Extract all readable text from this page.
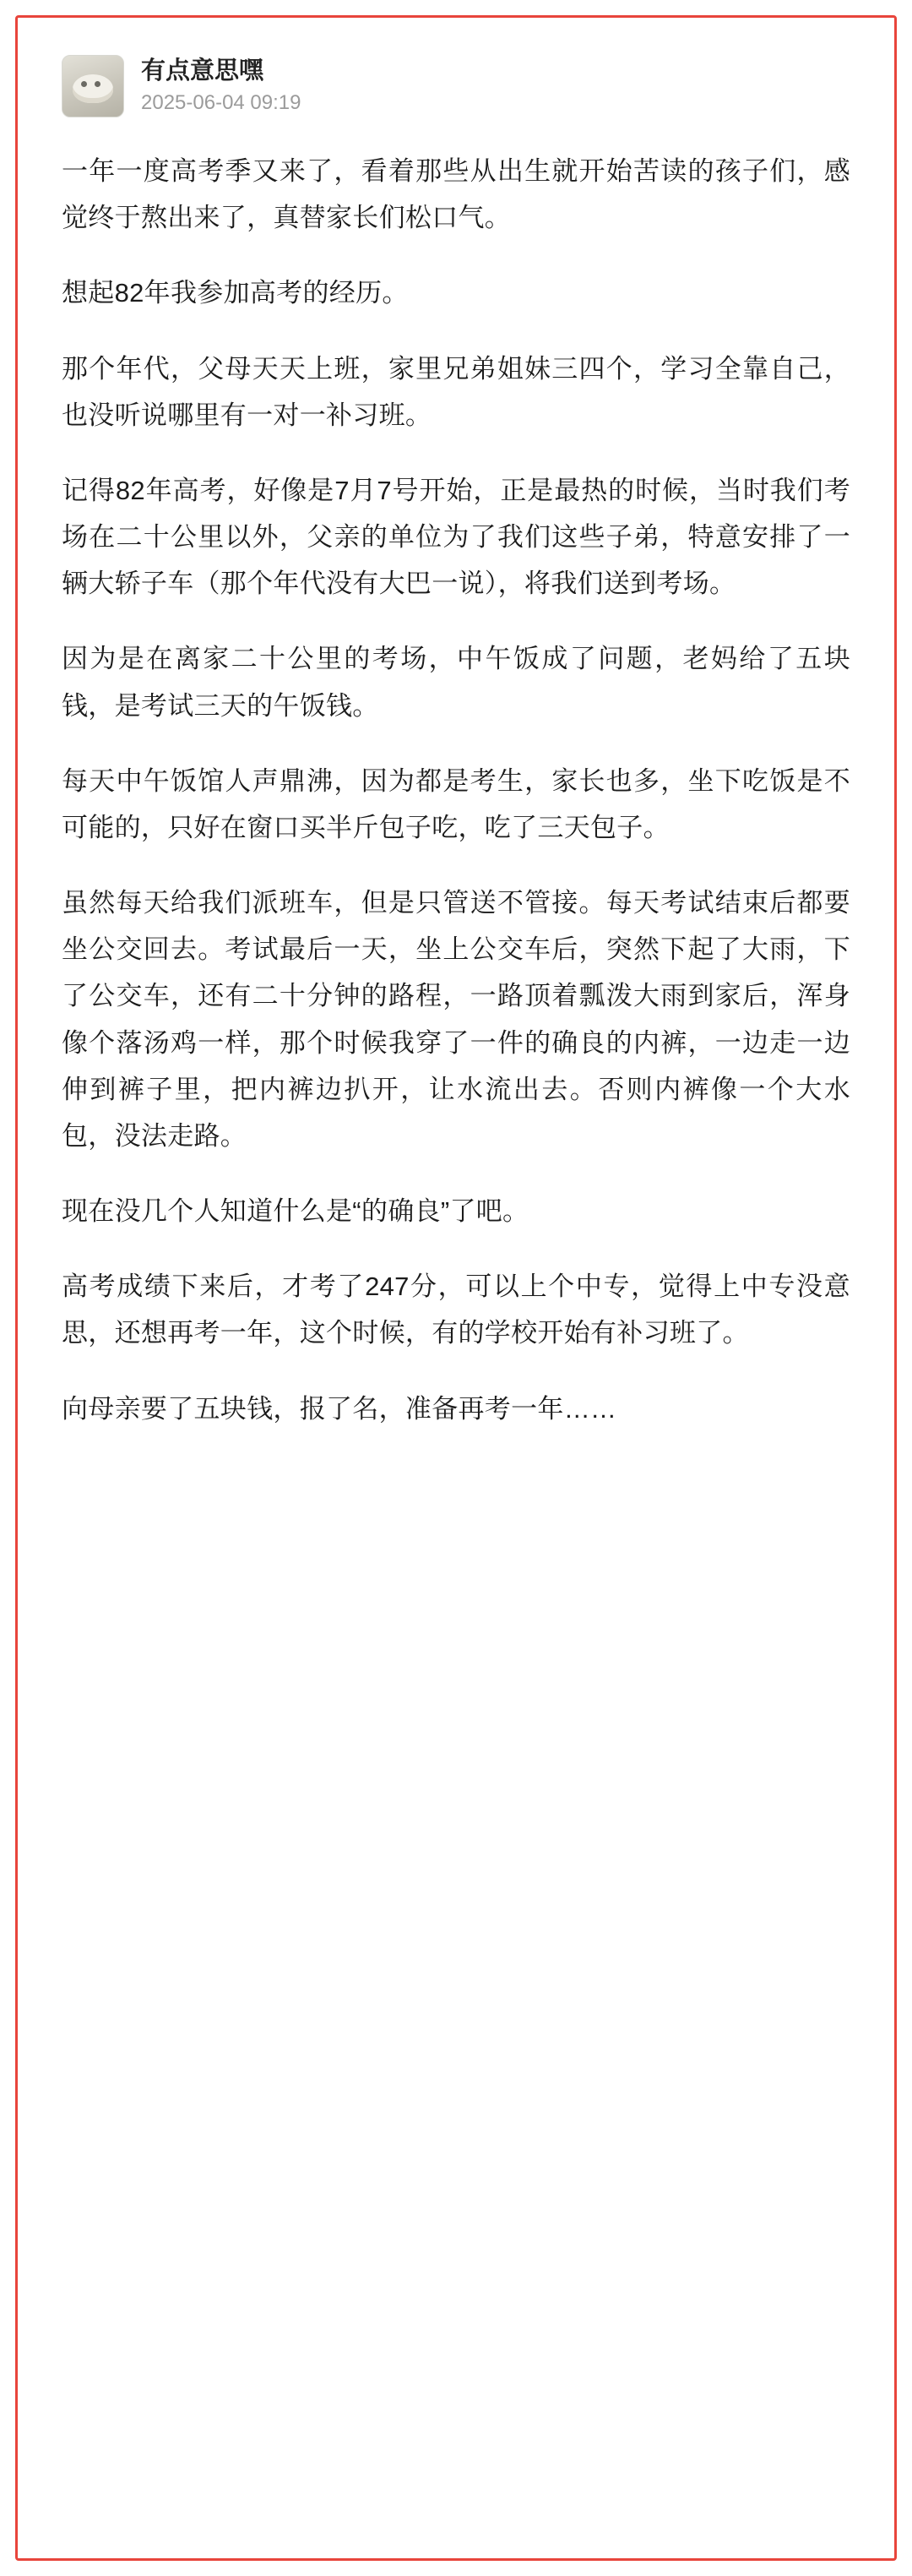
有点意思嘿
2025-06-04 09:19

一年一度高考季又来了，看着那些从出生就开始苦读的孩子们，感觉终于熬出来了，真替家长们松口气。

想起82年我参加高考的经历。

那个年代，父母天天上班，家里兄弟姐妹三四个，学习全靠自己，也没听说哪里有一对一补习班。

记得82年高考，好像是7月7号开始，正是最热的时候，当时我们考场在二十公里以外，父亲的单位为了我们这些子弟，特意安排了一辆大轿子车（那个年代没有大巴一说），将我们送到考场。

因为是在离家二十公里的考场，中午饭成了问题，老妈给了五块钱，是考试三天的午饭钱。

每天中午饭馆人声鼎沸，因为都是考生，家长也多，坐下吃饭是不可能的，只好在窗口买半斤包子吃，吃了三天包子。

虽然每天给我们派班车，但是只管送不管接。每天考试结束后都要坐公交回去。考试最后一天，坐上公交车后，突然下起了大雨，下了公交车，还有二十分钟的路程，一路顶着瓢泼大雨到家后，浑身像个落汤鸡一样，那个时候我穿了一件的确良的内裤，一边走一边伸到裤子里，把内裤边扒开，让水流出去。否则内裤像一个大水包，没法走路。

现在没几个人知道什么是“的确良”了吧。

高考成绩下来后，才考了247分，可以上个中专，觉得上中专没意思，还想再考一年，这个时候，有的学校开始有补习班了。

向母亲要了五块钱，报了名，准备再考一年……
